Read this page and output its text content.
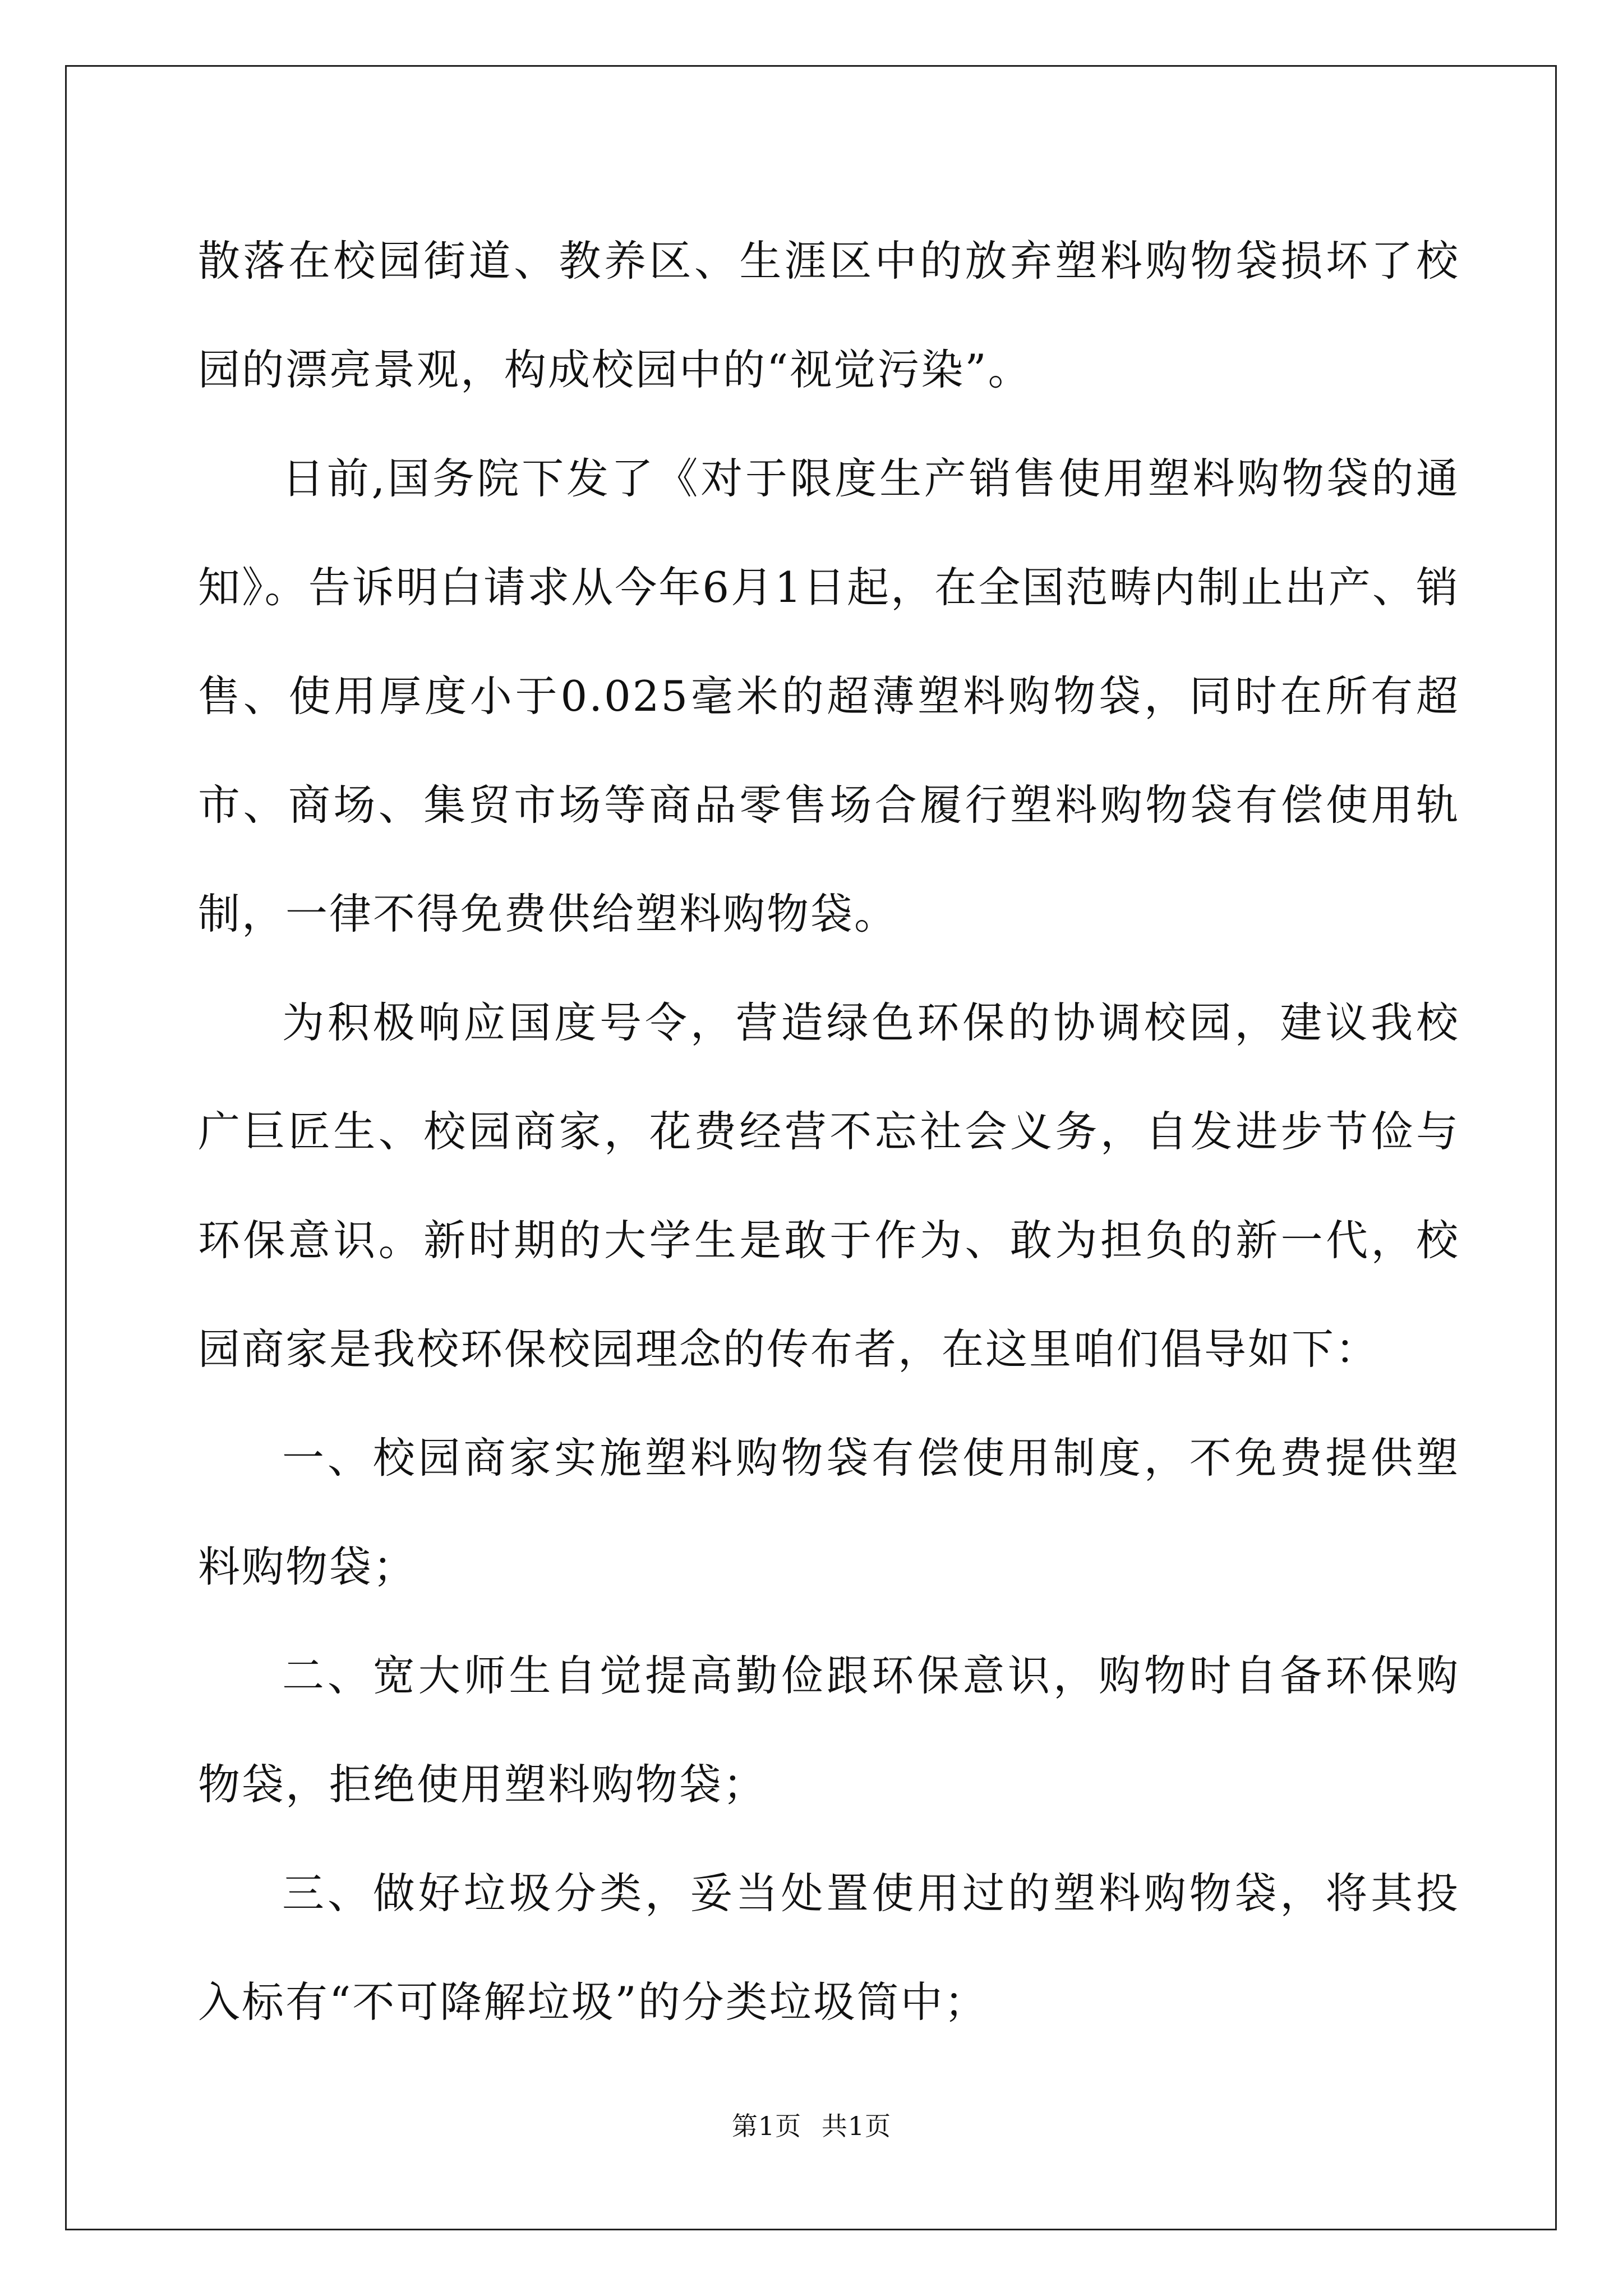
散落在校园街道、教养区、生涯区中的放弃塑料购物袋损坏了校园的漂亮景观，构成校园中的“视觉污染”。

日前,国务院下发了《对于限度生产销售使用塑料购物袋的通知》。告诉明白请求从今年6月1日起，在全国范畴内制止出产、销售、使用厚度小于0.025毫米的超薄塑料购物袋，同时在所有超市、商场、集贸市场等商品零售场合履行塑料购物袋有偿使用轨制，一律不得免费供给塑料购物袋。

为积极响应国度号令，营造绿色环保的协调校园，建议我校广巨匠生、校园商家，花费经营不忘社会义务，自发进步节俭与环保意识。新时期的大学生是敢于作为、敢为担负的新一代，校园商家是我校环保校园理念的传布者，在这里咱们倡导如下：

一、校园商家实施塑料购物袋有偿使用制度，不免费提供塑料购物袋；

二、宽大师生自觉提高勤俭跟环保意识，购物时自备环保购物袋，拒绝使用塑料购物袋；

三、做好垃圾分类，妥当处置使用过的塑料购物袋，将其投入标有“不可降解垃圾”的分类垃圾筒中；

第1页 共1页
